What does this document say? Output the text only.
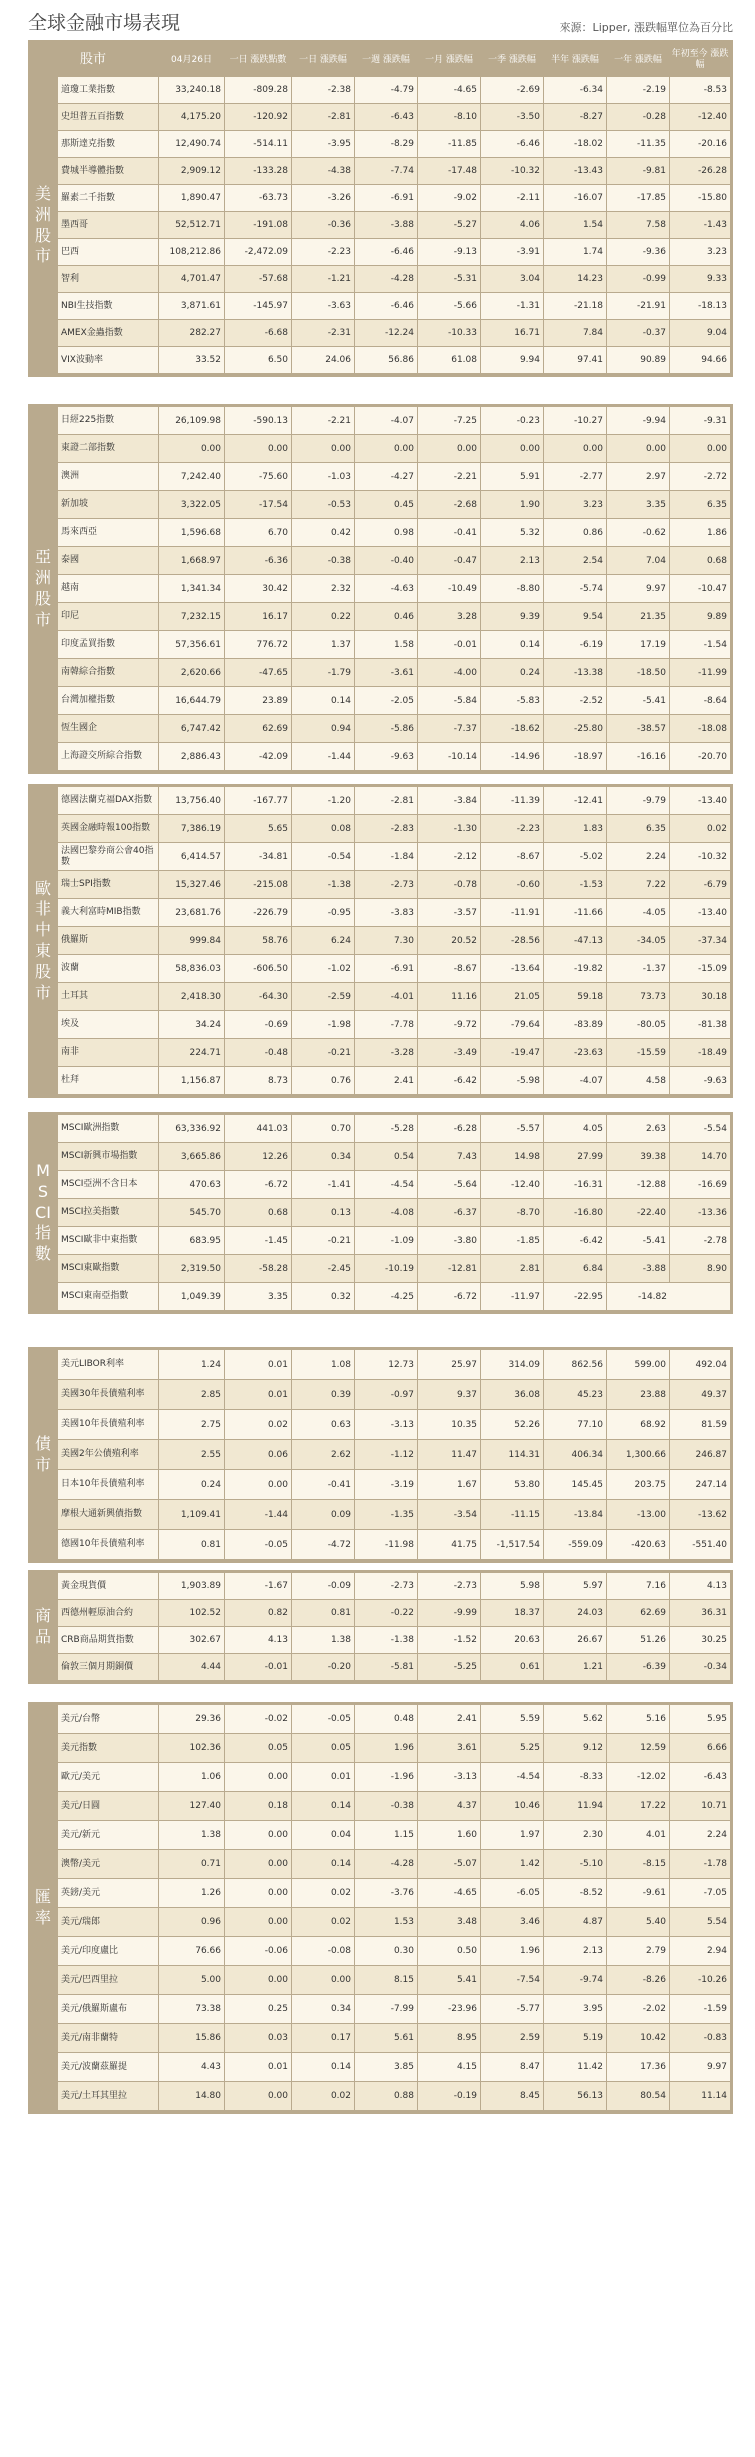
全球金融市場表現	來源：Lipper, 漲跌幅單位為百分比
美洲股市
股市	04月26日	一日 漲跌點數	一日 漲跌幅	一週 漲跌幅	一月 漲跌幅	一季 漲跌幅	半年 漲跌幅	一年 漲跌幅
年初至今 漲跌幅
道瓊工業指數	33,240.18	-809.28	-2.38	-4.79	-4.65	-2.69	-6.34	-2.19	-8.53
史坦普五百指數	4,175.20	-120.92	-2.81	-6.43	-8.10	-3.50	-8.27	-0.28	-12.40
那斯達克指數	12,490.74	-514.11	-3.95	-8.29	-11.85	-6.46	-18.02	-11.35	-20.16
費城半導體指數	2,909.12	-133.28	-4.38	-7.74	-17.48	-10.32	-13.43	-9.81	-26.28
羅素二千指數	1,890.47	-63.73	-3.26	-6.91	-9.02	-2.11	-16.07	-17.85	-15.80
墨西哥	52,512.71	-191.08	-0.36	-3.88	-5.27	4.06	1.54	7.58	-1.43
巴西	108,212.86	-2,472.09	-2.23	-6.46	-9.13	-3.91	1.74	-9.36	3.23
智利	4,701.47	-57.68	-1.21	-4.28	-5.31	3.04	14.23	-0.99	9.33
NBI生技指數	3,871.61	-145.97	-3.63	-6.46	-5.66	-1.31	-21.18	-21.91	-18.13
AMEX金蟲指數	282.27	-6.68	-2.31	-12.24	-10.33	16.71	7.84	-0.37	9.04
VIX波動率	33.52	6.50	24.06	56.86	61.08	9.94	97.41	90.89	94.66
亞洲股市
日經225指數	26,109.98	-590.13	-2.21	-4.07	-7.25	-0.23	-10.27	-9.94	-9.31
東證二部指數	0.00	0.00	0.00	0.00	0.00	0.00	0.00	0.00	0.00
澳洲	7,242.40	-75.60	-1.03	-4.27	-2.21	5.91	-2.77	2.97	-2.72
新加坡	3,322.05	-17.54	-0.53	0.45	-2.68	1.90	3.23	3.35	6.35
馬來西亞	1,596.68	6.70	0.42	0.98	-0.41	5.32	0.86	-0.62	1.86
泰國	1,668.97	-6.36	-0.38	-0.40	-0.47	2.13	2.54	7.04	0.68
越南	1,341.34	30.42	2.32	-4.63	-10.49	-8.80	-5.74	9.97	-10.47
印尼	7,232.15	16.17	0.22	0.46	3.28	9.39	9.54	21.35	9.89
印度孟買指數	57,356.61	776.72	1.37	1.58	-0.01	0.14	-6.19	17.19	-1.54
南韓綜合指數	2,620.66	-47.65	-1.79	-3.61	-4.00	0.24	-13.38	-18.50	-11.99
台灣加權指數	16,644.79	23.89	0.14	-2.05	-5.84	-5.83	-2.52	-5.41	-8.64
恆生國企	6,747.42	62.69	0.94	-5.86	-7.37	-18.62	-25.80	-38.57	-18.08
上海證交所綜合指數	2,886.43	-42.09	-1.44	-9.63	-10.14	-14.96	-18.97	-16.16	-20.70
歐非中東股市
德國法蘭克福DAX指數	13,756.40	-167.77	-1.20	-2.81	-3.84	-11.39	-12.41	-9.79	-13.40
英國金融時報100指數	7,386.19	5.65	0.08	-2.83	-1.30	-2.23	1.83	6.35	0.02
法國巴黎券商公會40指數	6,414.57	-34.81	-0.54	-1.84	-2.12	-8.67	-5.02	2.24	-10.32
瑞士SPI指數	15,327.46	-215.08	-1.38	-2.73	-0.78	-0.60	-1.53	7.22	-6.79
義大利富時MIB指數	23,681.76	-226.79	-0.95	-3.83	-3.57	-11.91	-11.66	-4.05	-13.40
俄羅斯	999.84	58.76	6.24	7.30	20.52	-28.56	-47.13	-34.05	-37.34
波蘭	58,836.03	-606.50	-1.02	-6.91	-8.67	-13.64	-19.82	-1.37	-15.09
土耳其	2,418.30	-64.30	-2.59	-4.01	11.16	21.05	59.18	73.73	30.18
埃及	34.24	-0.69	-1.98	-7.78	-9.72	-79.64	-83.89	-80.05	-81.38
南非	224.71	-0.48	-0.21	-3.28	-3.49	-19.47	-23.63	-15.59	-18.49
杜拜	1,156.87	8.73	0.76	2.41	-6.42	-5.98	-4.07	4.58	-9.63
MSCI指數
MSCI歐洲指數	63,336.92	441.03	0.70	-5.28	-6.28	-5.57	4.05	2.63	-5.54
MSCI新興市場指數	3,665.86	12.26	0.34	0.54	7.43	14.98	27.99	39.38	14.70
MSCI亞洲不含日本	470.63	-6.72	-1.41	-4.54	-5.64	-12.40	-16.31	-12.88	-16.69
MSCI拉美指數	545.70	0.68	0.13	-4.08	-6.37	-8.70	-16.80	-22.40	-13.36
MSCI歐非中東指數	683.95	-1.45	-0.21	-1.09	-3.80	-1.85	-6.42	-5.41	-2.78
MSCI東歐指數	2,319.50	-58.28	-2.45	-10.19	-12.81	2.81	6.84	-3.88	8.90
MSCI東南亞指數	1,049.39	3.35	0.32	-4.25	-6.72	-11.97	-22.95	-14.82
債市
美元LIBOR利率	1.24	0.01	1.08	12.73	25.97	314.09	862.56	599.00	492.04
美國30年長債殖利率	2.85	0.01	0.39	-0.97	9.37	36.08	45.23	23.88	49.37
美國10年長債殖利率	2.75	0.02	0.63	-3.13	10.35	52.26	77.10	68.92	81.59
美國2年公債殖利率	2.55	0.06	2.62	-1.12	11.47	114.31	406.34	1,300.66	246.87
日本10年長債殖利率	0.24	0.00	-0.41	-3.19	1.67	53.80	145.45	203.75	247.14
摩根大通新興債指數	1,109.41	-1.44	0.09	-1.35	-3.54	-11.15	-13.84	-13.00	-13.62
德國10年長債殖利率	0.81	-0.05	-4.72	-11.98	41.75	-1,517.54	-559.09	-420.63	-551.40
商品
黃金現貨價	1,903.89	-1.67	-0.09	-2.73	-2.73	5.98	5.97	7.16	4.13
西德州輕原油合約	102.52	0.82	0.81	-0.22	-9.99	18.37	24.03	62.69	36.31
CRB商品期貨指數	302.67	4.13	1.38	-1.38	-1.52	20.63	26.67	51.26	30.25
倫敦三個月期銅價	4.44	-0.01	-0.20	-5.81	-5.25	0.61	1.21	-6.39	-0.34
匯率
美元/台幣	29.36	-0.02	-0.05	0.48	2.41	5.59	5.62	5.16	5.95
美元指數	102.36	0.05	0.05	1.96	3.61	5.25	9.12	12.59	6.66
歐元/美元	1.06	0.00	0.01	-1.96	-3.13	-4.54	-8.33	-12.02	-6.43
美元/日圓	127.40	0.18	0.14	-0.38	4.37	10.46	11.94	17.22	10.71
美元/新元	1.38	0.00	0.04	1.15	1.60	1.97	2.30	4.01	2.24
澳幣/美元	0.71	0.00	0.14	-4.28	-5.07	1.42	-5.10	-8.15	-1.78
英鎊/美元	1.26	0.00	0.02	-3.76	-4.65	-6.05	-8.52	-9.61	-7.05
美元/瑞郎	0.96	0.00	0.02	1.53	3.48	3.46	4.87	5.40	5.54
美元/印度盧比	76.66	-0.06	-0.08	0.30	0.50	1.96	2.13	2.79	2.94
美元/巴西里拉	5.00	0.00	0.00	8.15	5.41	-7.54	-9.74	-8.26	-10.26
美元/俄羅斯盧布	73.38	0.25	0.34	-7.99	-23.96	-5.77	3.95	-2.02	-1.59
美元/南非蘭特	15.86	0.03	0.17	5.61	8.95	2.59	5.19	10.42	-0.83
美元/波蘭茲羅提	4.43	0.01	0.14	3.85	4.15	8.47	11.42	17.36	9.97
美元/土耳其里拉	14.80	0.00	0.02	0.88	-0.19	8.45	56.13	80.54	11.14
